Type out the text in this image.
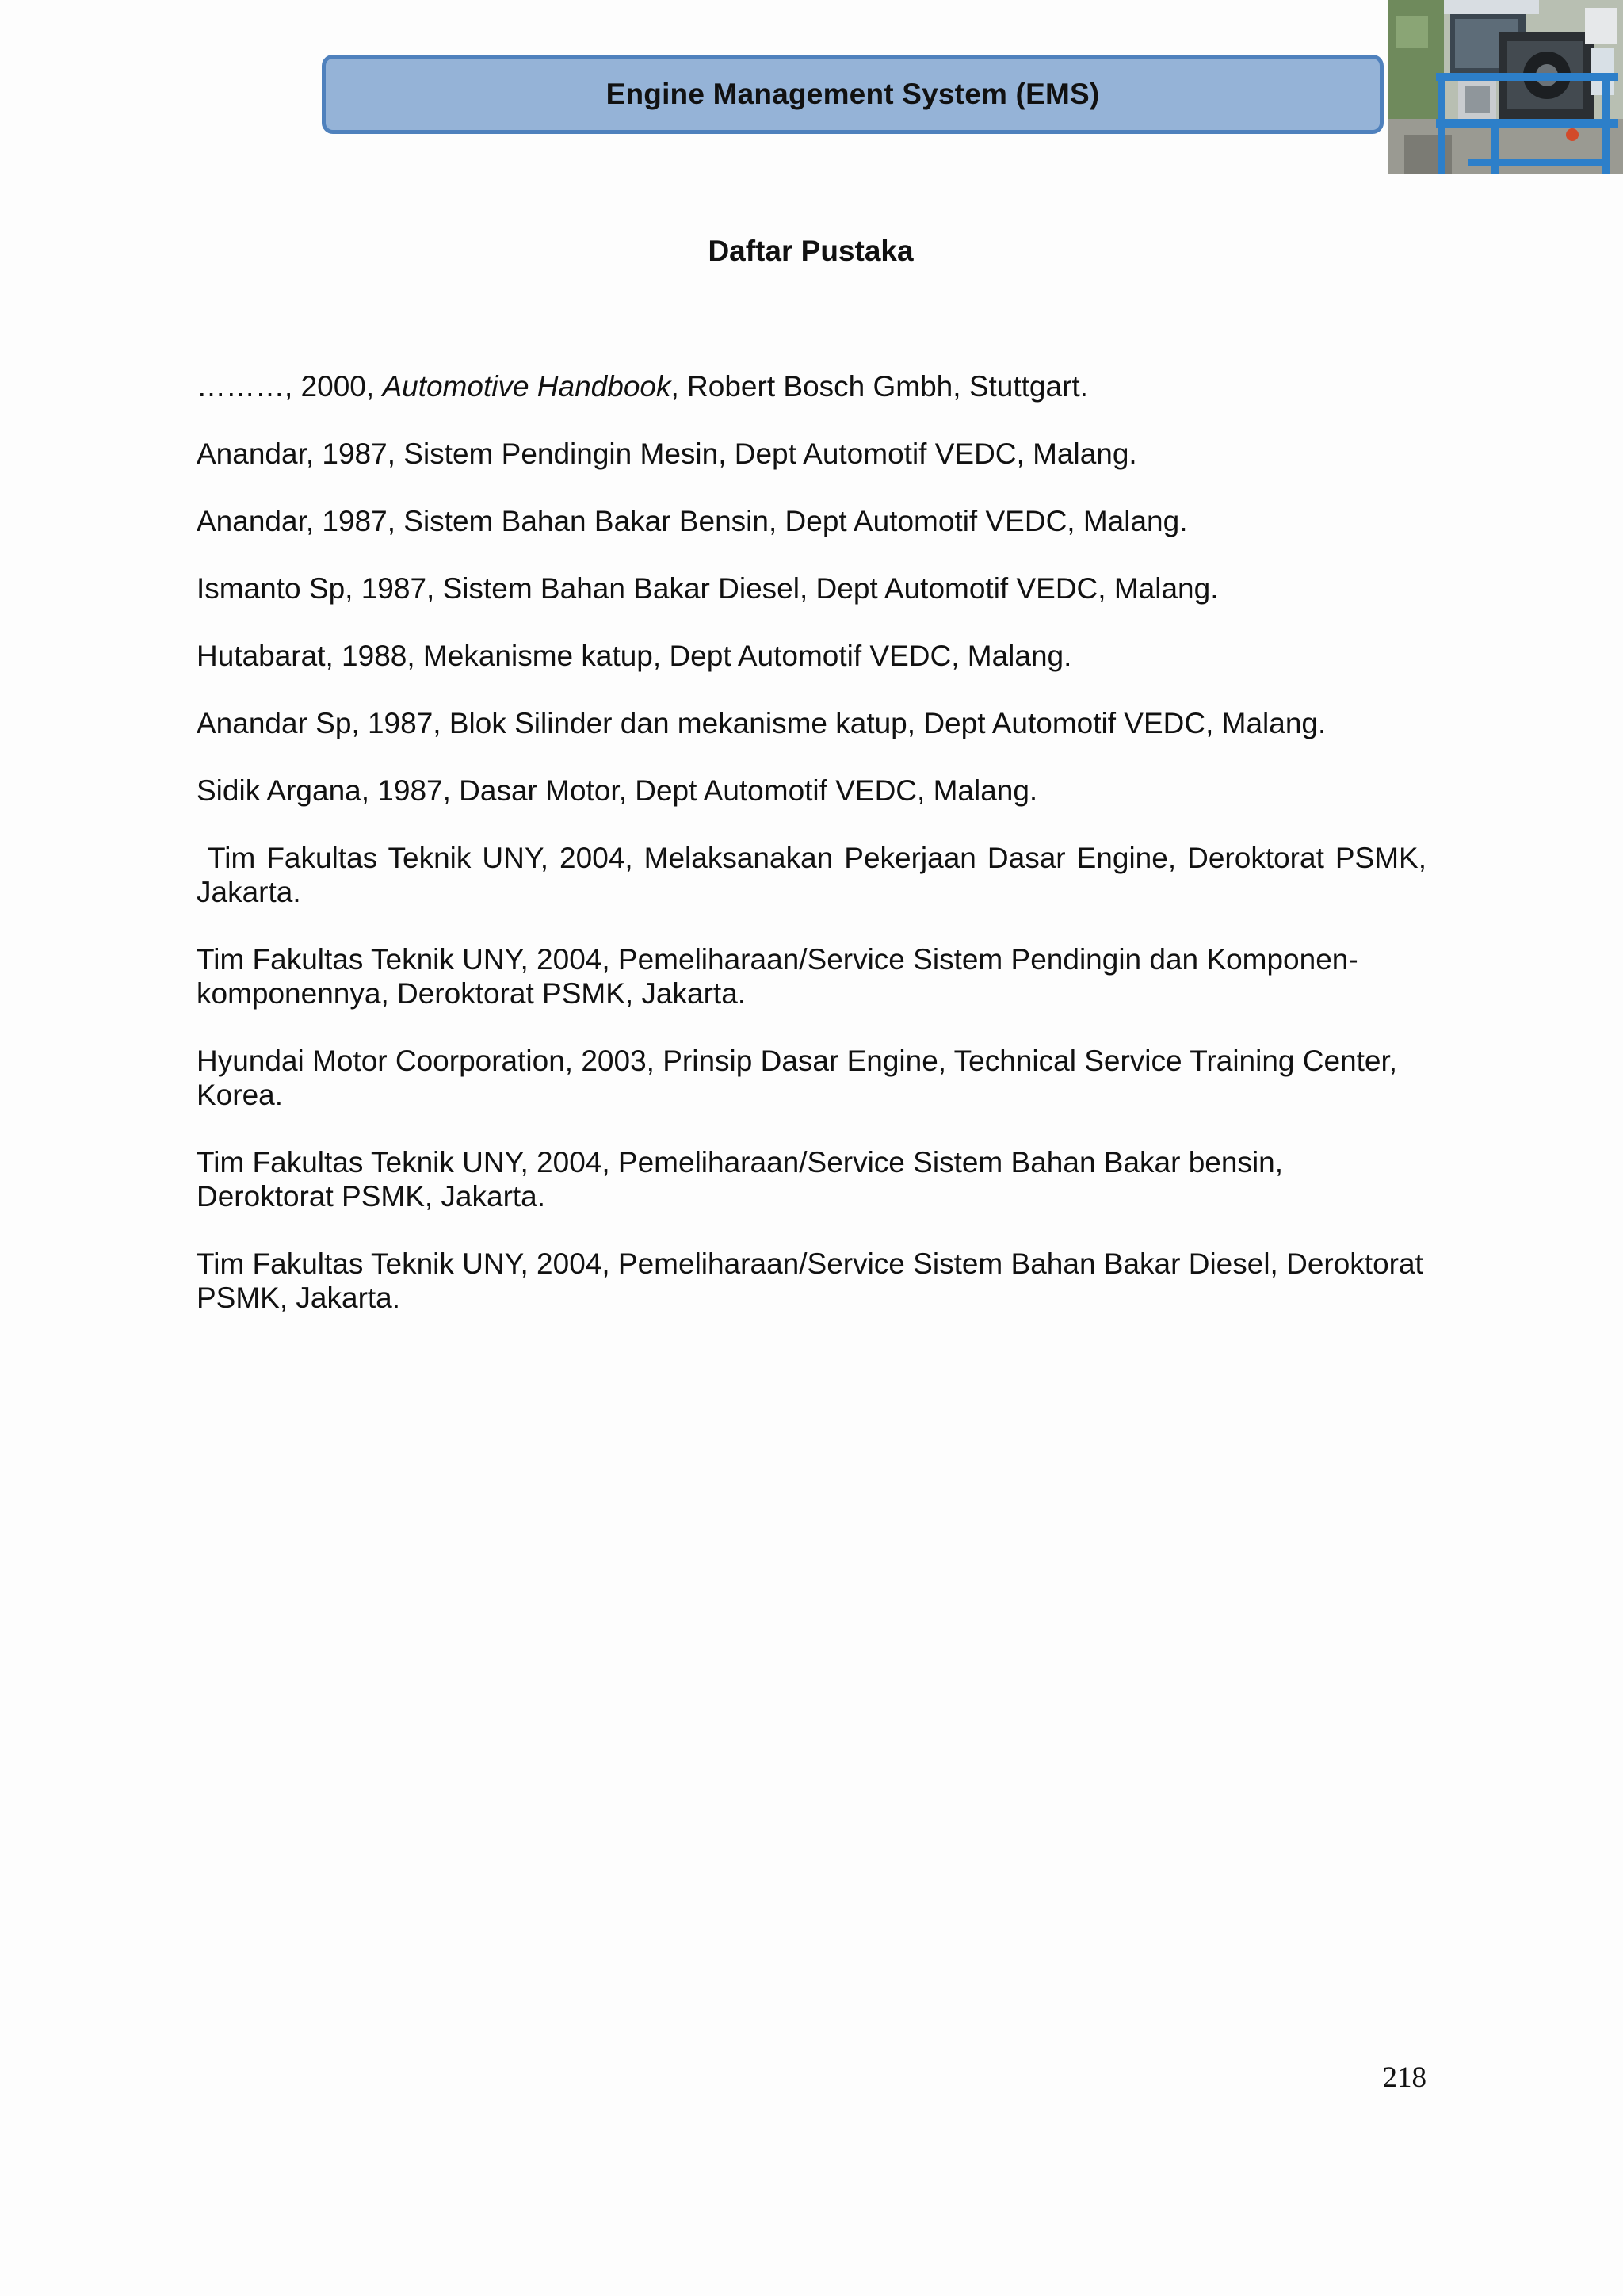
Engine Management System (EMS)
Daftar Pustaka
………, 2000, Automotive Handbook, Robert Bosch Gmbh, Stuttgart.
Anandar, 1987, Sistem Pendingin Mesin, Dept Automotif VEDC, Malang.
Anandar, 1987, Sistem Bahan Bakar Bensin, Dept Automotif VEDC, Malang.
Ismanto Sp, 1987, Sistem Bahan Bakar Diesel, Dept Automotif VEDC, Malang.
Hutabarat, 1988, Mekanisme katup, Dept Automotif VEDC, Malang.
Anandar Sp, 1987, Blok Silinder dan mekanisme katup, Dept Automotif VEDC, Malang.
Sidik Argana, 1987, Dasar Motor, Dept Automotif VEDC, Malang.
Tim Fakultas Teknik UNY, 2004, Melaksanakan Pekerjaan Dasar Engine, Deroktorat PSMK, Jakarta.
Tim Fakultas Teknik UNY, 2004, Pemeliharaan/Service Sistem Pendingin dan Komponen-komponennya, Deroktorat PSMK, Jakarta.
Hyundai Motor Coorporation, 2003, Prinsip Dasar Engine, Technical Service Training Center, Korea.
Tim Fakultas Teknik UNY, 2004, Pemeliharaan/Service Sistem Bahan Bakar bensin, Deroktorat PSMK, Jakarta.
Tim Fakultas Teknik UNY, 2004, Pemeliharaan/Service Sistem Bahan Bakar Diesel, Deroktorat PSMK, Jakarta.
218
